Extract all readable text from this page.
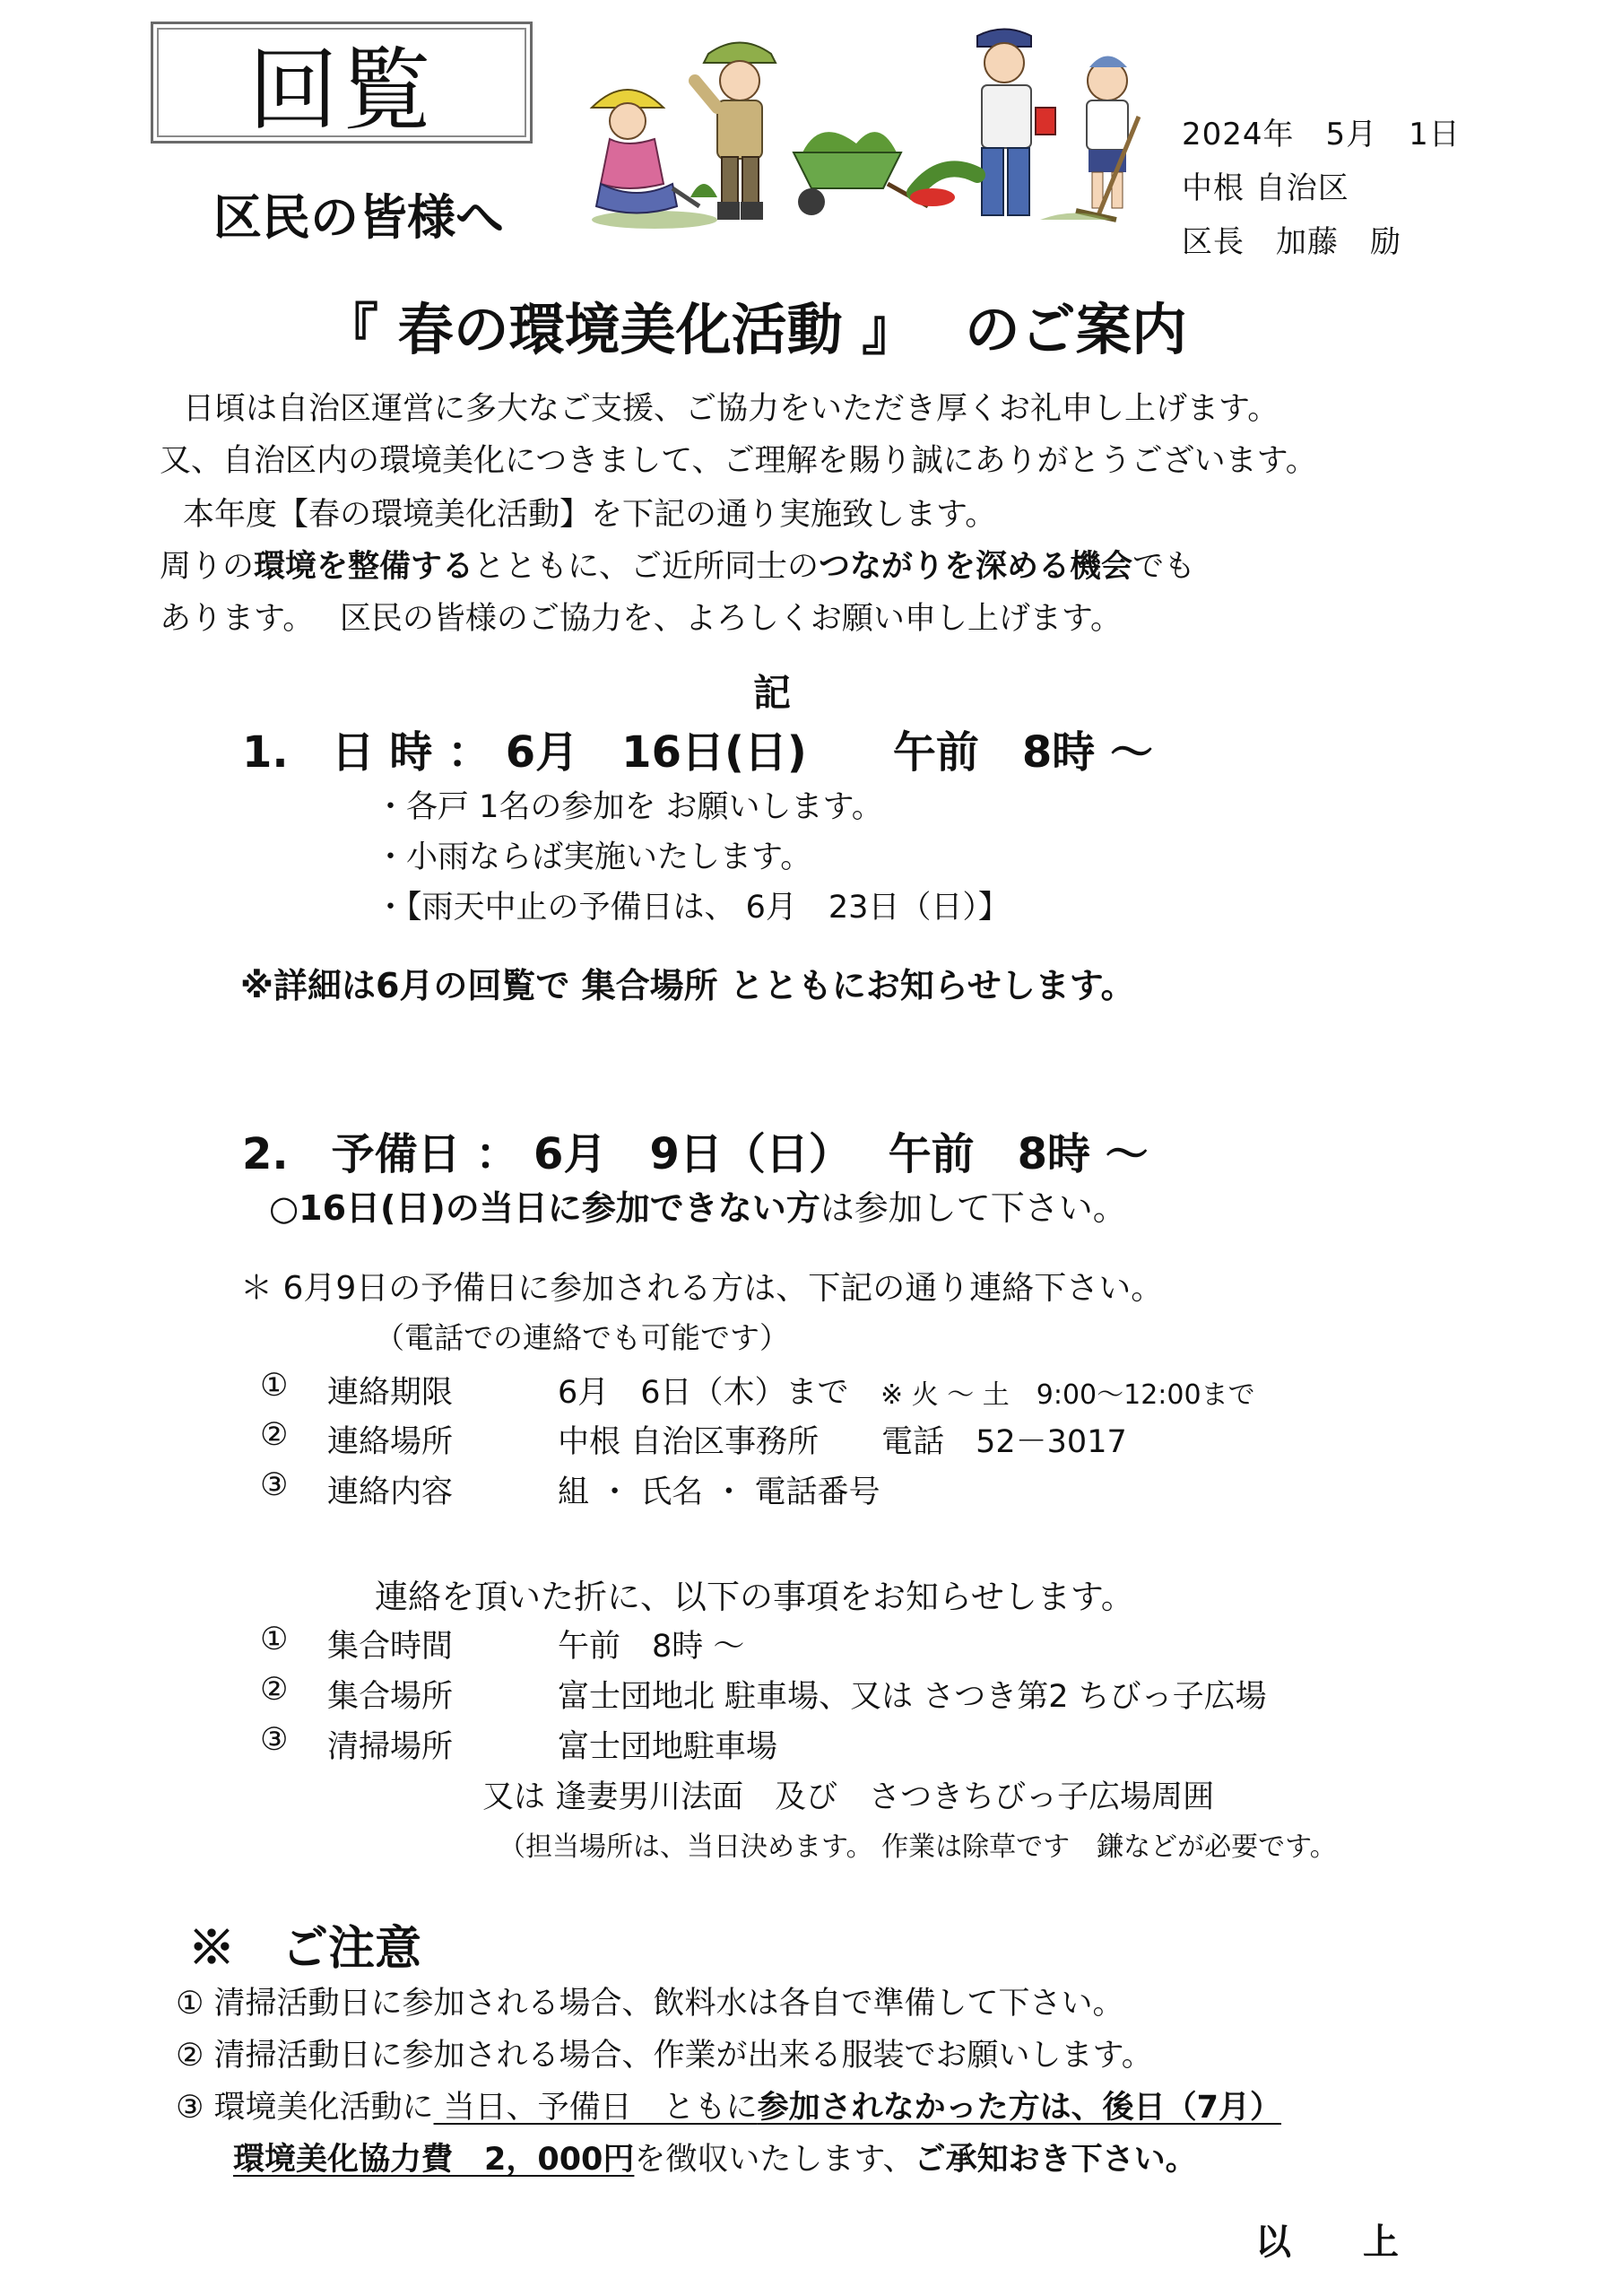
回覧
区民の皆様へ
2024年　5月　1日
中根 自治区
区長　加藤　励
『 春の環境美化活動 』　 のご案内
日頃は自治区運営に多大なご支援、ご協力をいただき厚くお礼申し上げます。
又、自治区内の環境美化につきまして、ご理解を賜り誠にありがとうございます。
本年度【春の環境美化活動】を下記の通り実施致します。
周りの環境を整備するとともに、ご近所同士のつながりを深める機会でも
あります。　 区民の皆様のご協力を、よろしくお願い申し上げます。
記
1.　日 時 ： 6月　16日(日)　　午前　8時 ～
・各戸 1名の参加を お願いします。
・小雨ならば実施いたします。
・【雨天中止の予備日は、 6月　23日（日）】
※詳細は6月の回覧で 集合場所 とともにお知らせします。
2.　予備日 ： 6月　9日（日）　 午前　8時 ～
○16日(日)の当日に参加できない方は参加して下さい。
＊ 6月9日の予備日に参加される方は、下記の通り連絡下さい。
（電話での連絡でも可能です）
① 連絡期限	6月　6日（木）まで ※ 火 ～ 土　9:00～12:00まで
② 連絡場所	中根 自治区事務所　　電話　52－3017
③ 連絡内容	組 ・ 氏名 ・ 電話番号
連絡を頂いた折に、以下の事項をお知らせします。
① 集合時間	午前　8時 ～
② 集合場所	富士団地北 駐車場、又は さつき第2 ちびっ子広場
③ 清掃場所	富士団地駐車場
又は 逢妻男川法面　及び　さつきちびっ子広場周囲
（担当場所は、当日決めます。 作業は除草です　鎌などが必要です。
※　ご注意
① 清掃活動日に参加される場合、飲料水は各自で準備して下さい。
② 清掃活動日に参加される場合、作業が出来る服装でお願いします。
③ 環境美化活動に 当日、予備日　ともに参加されなかった方は、後日（7月）
環境美化協力費　2，000円を徴収いたします、ご承知おき下さい。
以　　上
